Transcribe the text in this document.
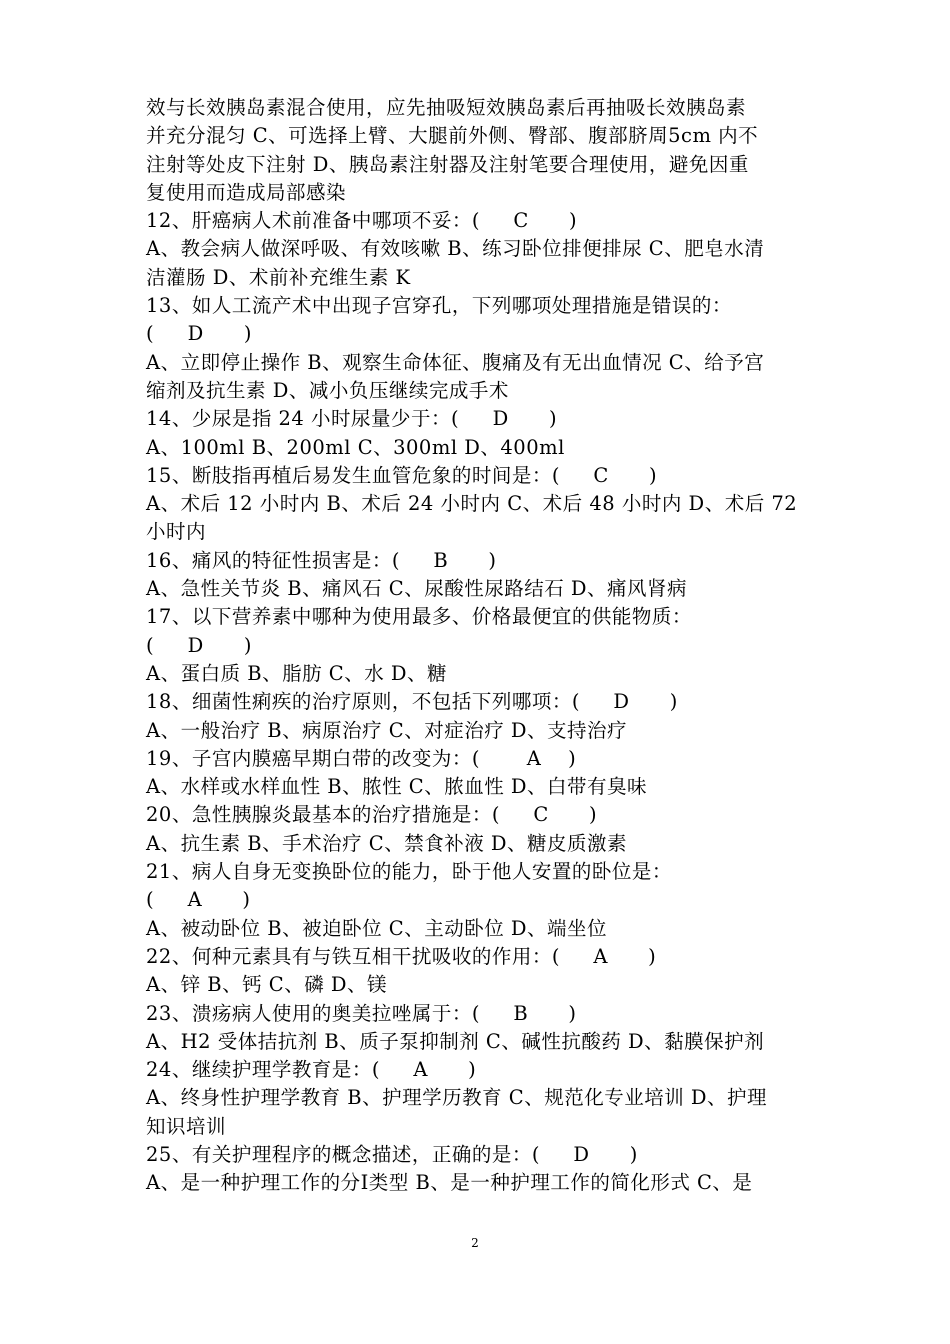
效与长效胰岛素混合使用，应先抽吸短效胰岛素后再抽吸长效胰岛素
并充分混匀 C、可选择上臂、大腿前外侧、臀部、腹部脐周5cm 内不
注射等处皮下注射 D、胰岛素注射器及注射笔要合理使用，避免因重
复使用而造成局部感染
12、肝癌病人术前准备中哪项不妥：(     C      )
A、教会病人做深呼吸、有效咳嗽 B、练习卧位排便排尿 C、肥皂水清
洁灌肠 D、术前补充维生素 K
13、如人工流产术中出现子宫穿孔，下列哪项处理措施是错误的：
(     D      )
A、立即停止操作 B、观察生命体征、腹痛及有无出血情况 C、给予宫
缩剂及抗生素 D、减小负压继续完成手术
14、少尿是指 24 小时尿量少于：(     D      )
A、100ml B、200ml C、300ml D、400ml
15、断肢指再植后易发生血管危象的时间是：(     C      )
A、术后 12 小时内 B、术后 24 小时内 C、术后 48 小时内 D、术后 72
小时内
16、痛风的特征性损害是：(     B      )
A、急性关节炎 B、痛风石 C、尿酸性尿路结石 D、痛风肾病
17、以下营养素中哪种为使用最多、价格最便宜的供能物质：
(     D      )
A、蛋白质 B、脂肪 C、水 D、糖
18、细菌性痢疾的治疗原则，不包括下列哪项：(     D      )
A、一般治疗 B、病原治疗 C、对症治疗 D、支持治疗
19、子宫内膜癌早期白带的改变为：(       A    )
A、水样或水样血性 B、脓性 C、脓血性 D、白带有臭味
20、急性胰腺炎最基本的治疗措施是：(     C      )
A、抗生素 B、手术治疗 C、禁食补液 D、糖皮质激素
21、病人自身无变换卧位的能力，卧于他人安置的卧位是：
(     A      )
A、被动卧位 B、被迫卧位 C、主动卧位 D、端坐位
22、何种元素具有与铁互相干扰吸收的作用：(     A      )
A、锌 B、钙 C、磷 D、镁
23、溃疡病人使用的奥美拉唑属于：(     B      )
A、H2 受体拮抗剂 B、质子泵抑制剂 C、碱性抗酸药 D、黏膜保护剂
24、继续护理学教育是：(     A      )
A、终身性护理学教育 B、护理学历教育 C、规范化专业培训 D、护理
知识培训
25、有关护理程序的概念描述，正确的是：(     D      )
A、是一种护理工作的分Ⅰ类型 B、是一种护理工作的简化形式 C、是
2
